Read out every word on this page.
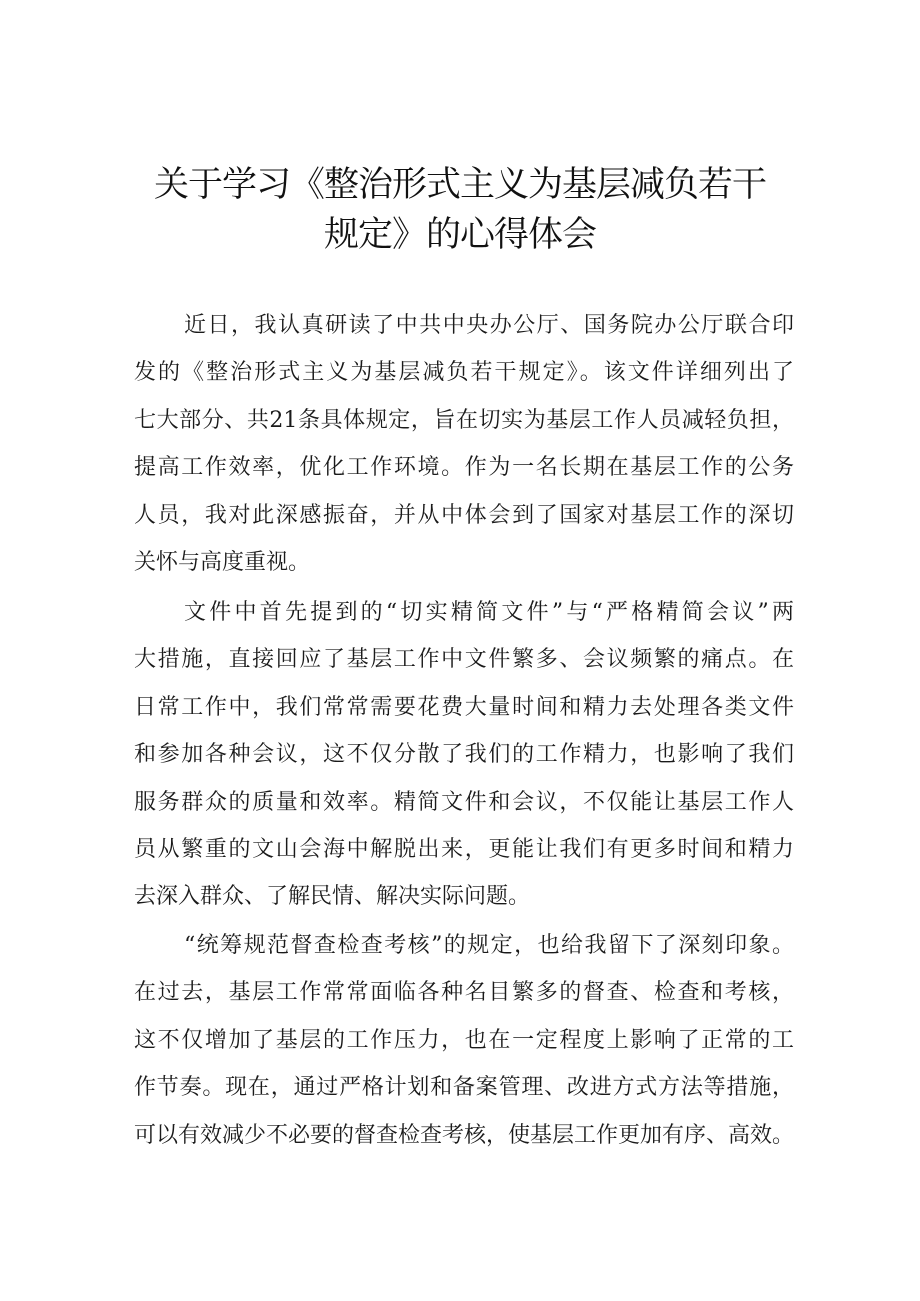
关于学习《整治形式主义为基层减负若干
规定》的心得体会
近日，我认真研读了中共中央办公厅、国务院办公厅联合印
发的《整治形式主义为基层减负若干规定》。该文件详细列出了
七大部分、共21条具体规定，旨在切实为基层工作人员减轻负担，
提高工作效率，优化工作环境。作为一名长期在基层工作的公务
人员，我对此深感振奋，并从中体会到了国家对基层工作的深切
关怀与高度重视。
文件中首先提到的“切实精简文件”与“严格精简会议”两
大措施，直接回应了基层工作中文件繁多、会议频繁的痛点。在
日常工作中，我们常常需要花费大量时间和精力去处理各类文件
和参加各种会议，这不仅分散了我们的工作精力，也影响了我们
服务群众的质量和效率。精简文件和会议，不仅能让基层工作人
员从繁重的文山会海中解脱出来，更能让我们有更多时间和精力
去深入群众、了解民情、解决实际问题。
“统筹规范督查检查考核”的规定，也给我留下了深刻印象。
在过去，基层工作常常面临各种名目繁多的督查、检查和考核，
这不仅增加了基层的工作压力，也在一定程度上影响了正常的工
作节奏。现在，通过严格计划和备案管理、改进方式方法等措施，
可以有效减少不必要的督查检查考核，使基层工作更加有序、高效。
